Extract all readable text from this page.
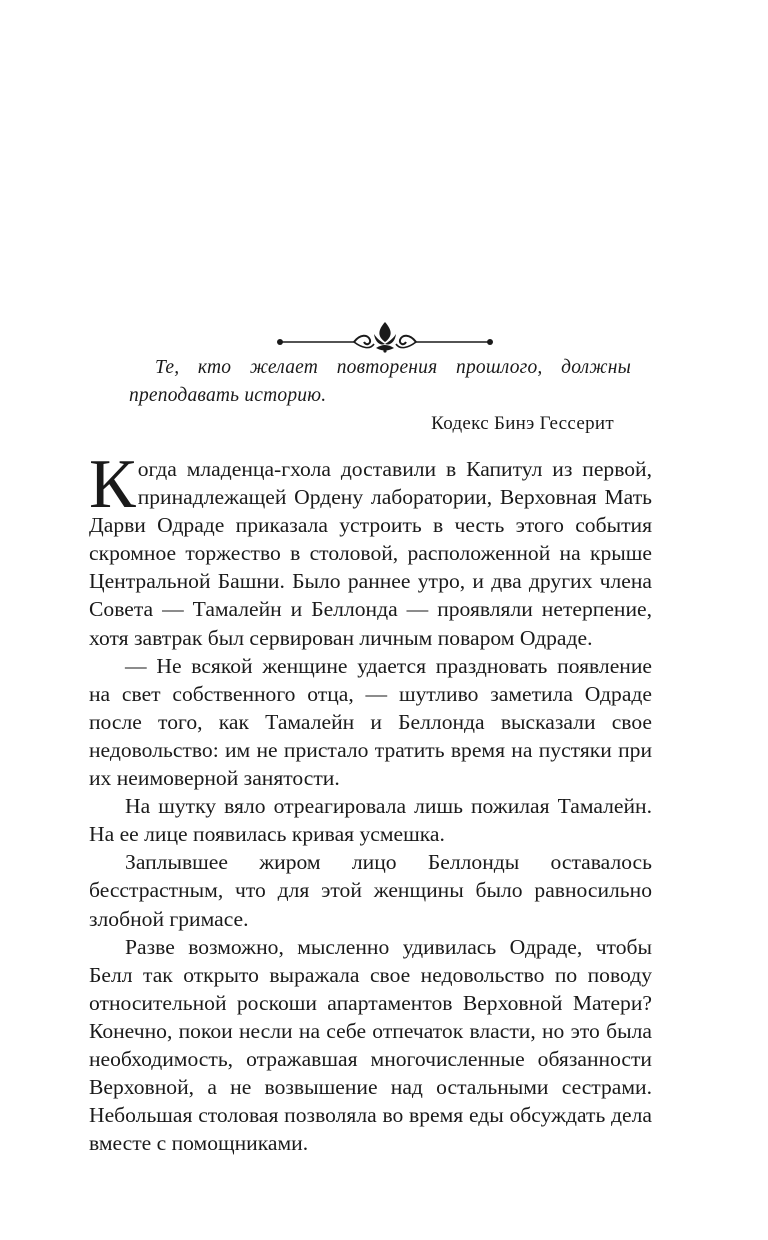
Те, кто желает повторения прошлого, должны преподавать историю.

Кодекс Бинэ Гессерит

Когда младенца-гхола доставили в Капитул из первой, принадлежащей Ордену лаборатории, Верховная Мать Дарви Одраде приказала устроить в честь этого события скромное торжество в столовой, расположенной на крыше Центральной Башни. Было раннее утро, и два других члена Совета — Тамалейн и Беллонда — проявляли нетерпение, хотя завтрак был сервирован личным поваром Одраде.

— Не всякой женщине удается праздновать появление на свет собственного отца, — шутливо заметила Одраде после того, как Тамалейн и Беллонда высказали свое недовольство: им не пристало тратить время на пустяки при их неимоверной занятости.

На шутку вяло отреагировала лишь пожилая Тамалейн. На ее лице появилась кривая усмешка.

Заплывшее жиром лицо Беллонды оставалось бесстрастным, что для этой женщины было равносильно злобной гримасе.

Разве возможно, мысленно удивилась Одраде, чтобы Белл так открыто выражала свое недовольство по поводу относительной роскоши апартаментов Верховной Матери? Конечно, покои несли на себе отпечаток власти, но это была необходимость, отражавшая многочисленные обязанности Верховной, а не возвышение над остальными сестрами. Небольшая столовая позволяла во время еды обсуждать дела вместе с помощниками.
